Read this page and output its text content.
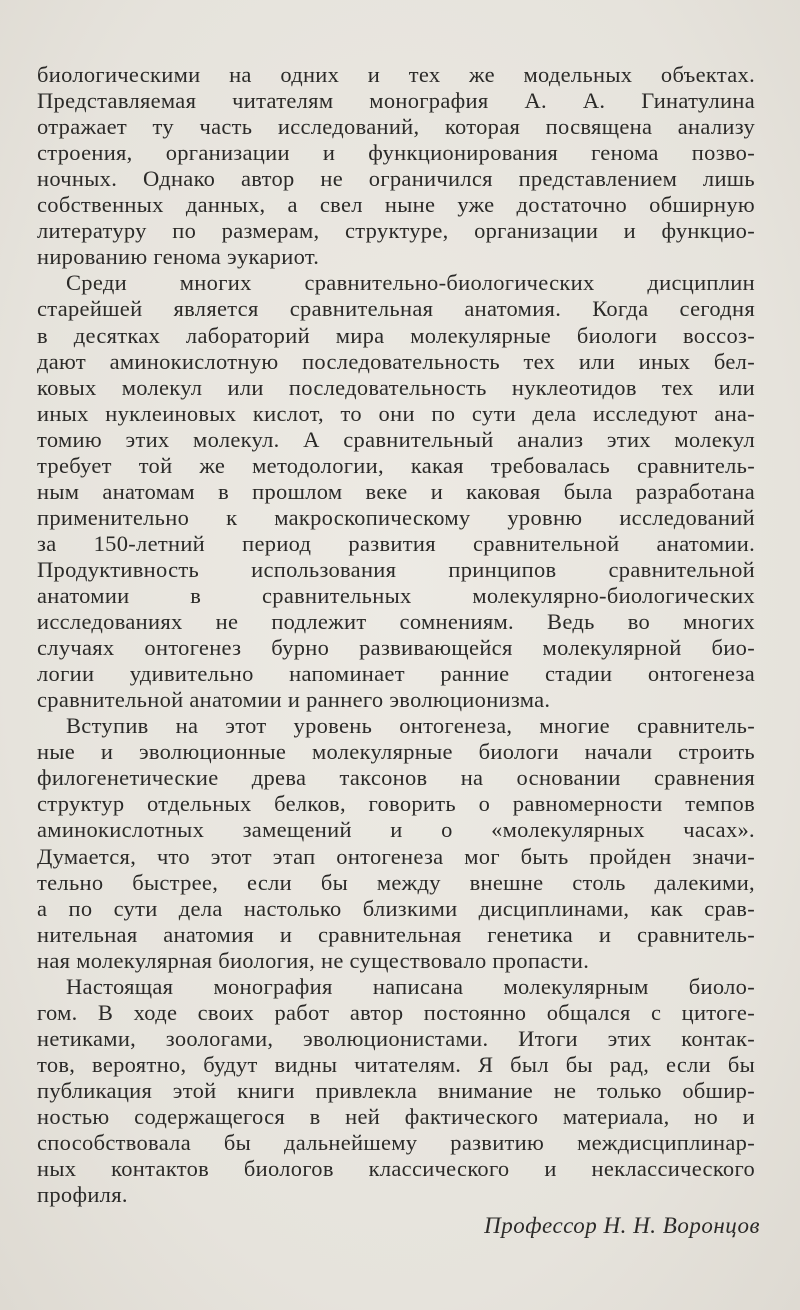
биологическими на одних и тех же модельных объектах.
Представляемая читателям монография А. А. Гинатулина
отражает ту часть исследований, которая посвящена анализу
строения, организации и функционирования генома позво-
ночных. Однако автор не ограничился представлением лишь
собственных данных, а свел ныне уже достаточно обширную
литературу по размерам, структуре, организации и функцио-
нированию генома эукариот.
Среди многих сравнительно-биологических дисциплин
старейшей является сравнительная анатомия. Когда сегодня
в десятках лабораторий мира молекулярные биологи воссоз-
дают аминокислотную последовательность тех или иных бел-
ковых молекул или последовательность нуклеотидов тех или
иных нуклеиновых кислот, то они по сути дела исследуют ана-
томию этих молекул. А сравнительный анализ этих молекул
требует той же методологии, какая требовалась сравнитель-
ным анатомам в прошлом веке и каковая была разработана
применительно к макроскопическому уровню исследований
за 150-летний период развития сравнительной анатомии.
Продуктивность использования принципов сравнительной
анатомии в сравнительных молекулярно-биологических
исследованиях не подлежит сомнениям. Ведь во многих
случаях онтогенез бурно развивающейся молекулярной био-
логии удивительно напоминает ранние стадии онтогенеза
сравнительной анатомии и раннего эволюционизма.
Вступив на этот уровень онтогенеза, многие сравнитель-
ные и эволюционные молекулярные биологи начали строить
филогенетические древа таксонов на основании сравнения
структур отдельных белков, говорить о равномерности темпов
аминокислотных замещений и о «молекулярных часах».
Думается, что этот этап онтогенеза мог быть пройден значи-
тельно быстрее, если бы между внешне столь далекими,
а по сути дела настолько близкими дисциплинами, как срав-
нительная анатомия и сравнительная генетика и сравнитель-
ная молекулярная биология, не существовало пропасти.
Настоящая монография написана молекулярным биоло-
гом. В ходе своих работ автор постоянно общался с цитоге-
нетиками, зоологами, эволюционистами. Итоги этих контак-
тов, вероятно, будут видны читателям. Я был бы рад, если бы
публикация этой книги привлекла внимание не только обшир-
ностью содержащегося в ней фактического материала, но и
способствовала бы дальнейшему развитию междисциплинар-
ных контактов биологов классического и неклассического
профиля.
Профессор Н. Н. Воронцов
